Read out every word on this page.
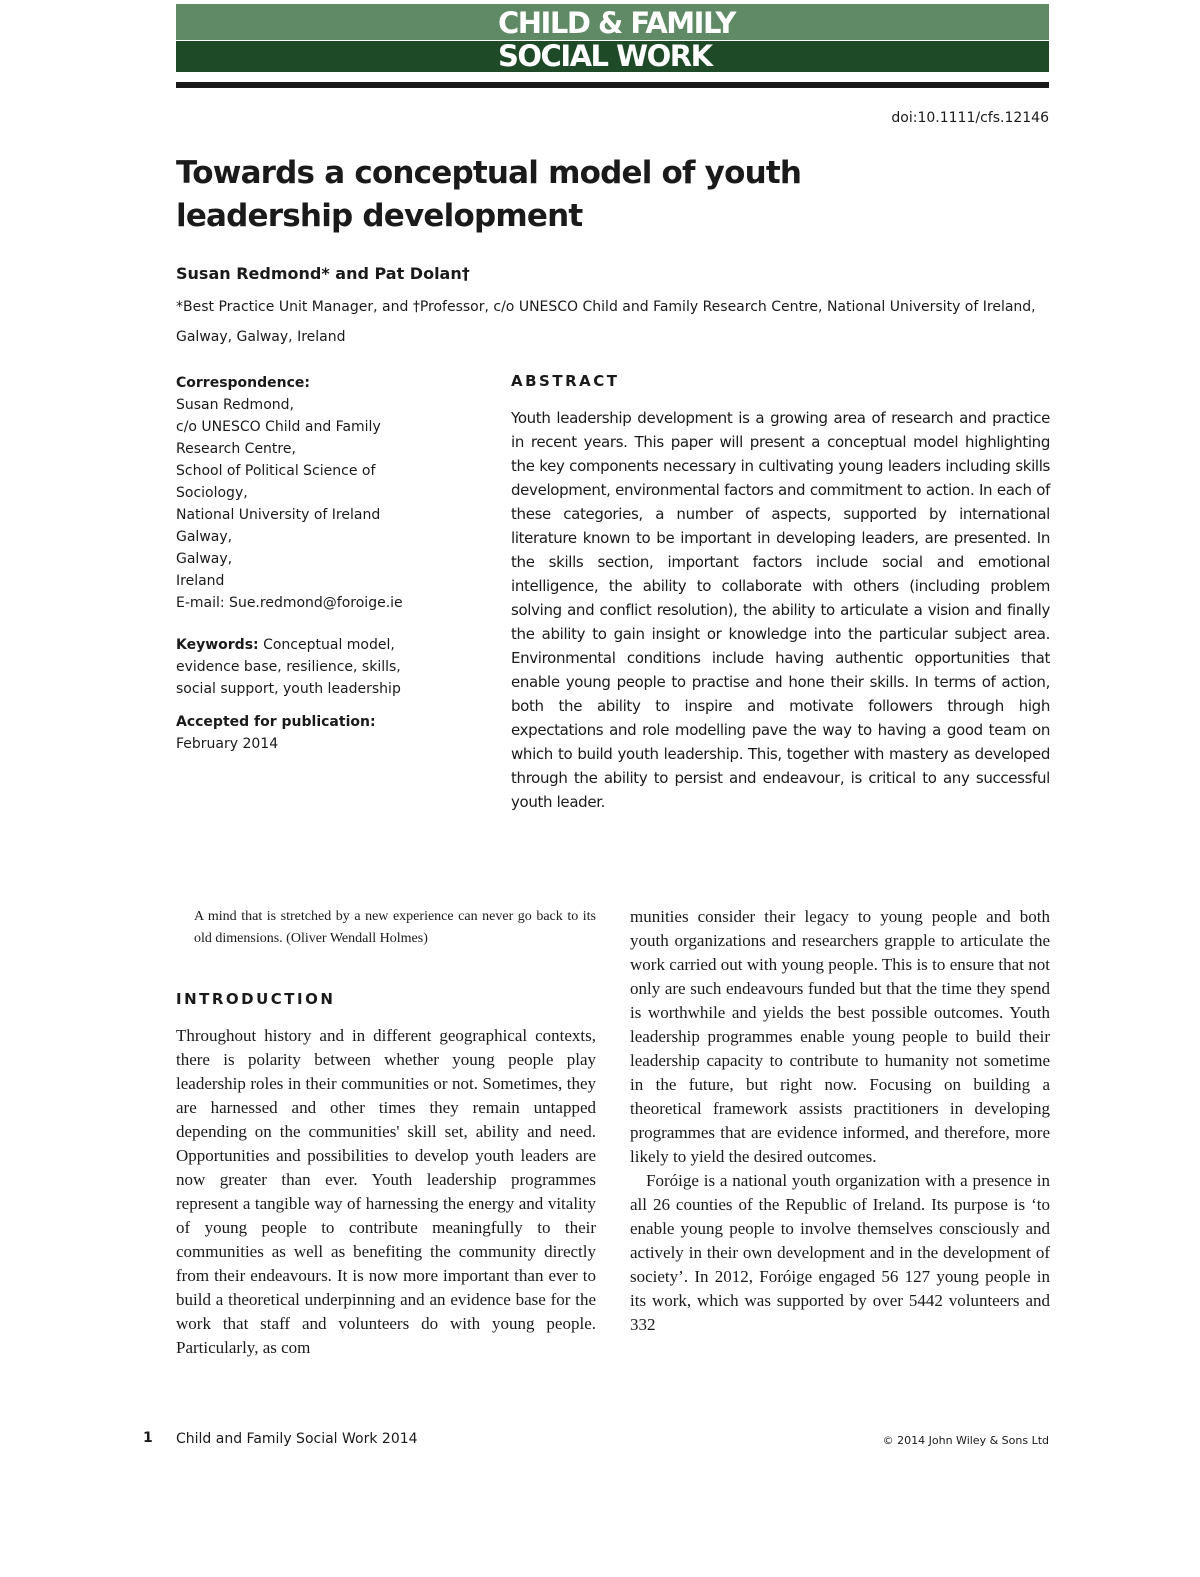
CHILD & FAMILY
SOCIAL WORK
doi:10.1111/cfs.12146
Towards a conceptual model of youth leadership development
Susan Redmond* and Pat Dolan†
*Best Practice Unit Manager, and †Professor, c/o UNESCO Child and Family Research Centre, National University of Ireland, Galway, Galway, Ireland
Correspondence:
Susan Redmond,
c/o UNESCO Child and Family
Research Centre,
School of Political Science of
Sociology,
National University of Ireland
Galway,
Galway,
Ireland
E-mail: Sue.redmond@foroige.ie
Keywords: Conceptual model, evidence base, resilience, skills, social support, youth leadership
Accepted for publication: February 2014
ABSTRACT

Youth leadership development is a growing area of research and practice in recent years. This paper will present a conceptual model highlighting the key components necessary in cultivating young leaders including skills development, environmental factors and commitment to action. In each of these categories, a number of aspects, supported by international literature known to be important in developing leaders, are presented. In the skills section, important factors include social and emotional intelligence, the ability to collaborate with others (including problem solving and conflict resolution), the ability to articulate a vision and finally the ability to gain insight or knowledge into the particular subject area. Environmental conditions include having authentic opportunities that enable young people to practise and hone their skills. In terms of action, both the ability to inspire and motivate followers through high expectations and role modelling pave the way to having a good team on which to build youth leadership. This, together with mastery as developed through the ability to persist and endeavour, is critical to any successful youth leader.

A mind that is stretched by a new experience can never go back to its old dimensions. (Oliver Wendall Holmes)
INTRODUCTION

Throughout history and in different geographical contexts, there is polarity between whether young people play leadership roles in their communities or not. Sometimes, they are harnessed and other times they remain untapped depending on the communities' skill set, ability and need. Opportunities and possibilities to develop youth leaders are now greater than ever. Youth leadership programmes represent a tangible way of harnessing the energy and vitality of young people to contribute meaningfully to their communities as well as benefiting the community directly from their endeavours. It is now more important than ever to build a theoretical underpinning and an evidence base for the work that staff and volunteers do with young people. Particularly, as com

munities consider their legacy to young people and both youth organizations and researchers grapple to articulate the work carried out with young people. This is to ensure that not only are such endeavours funded but that the time they spend is worthwhile and yields the best possible outcomes. Youth leadership programmes enable young people to build their leadership capacity to contribute to humanity not sometime in the future, but right now. Focusing on building a theoretical framework assists practitioners in developing programmes that are evidence informed, and therefore, more likely to yield the desired outcomes.

Foróige is a national youth organization with a presence in all 26 counties of the Republic of Ireland. Its purpose is ‘to enable young people to involve themselves consciously and actively in their own development and in the development of society’. In 2012, Foróige engaged 56 127 young people in its work, which was supported by over 5442 volunteers and 332

1 Child and Family Social Work 2014	© 2014 John Wiley & Sons Ltd
